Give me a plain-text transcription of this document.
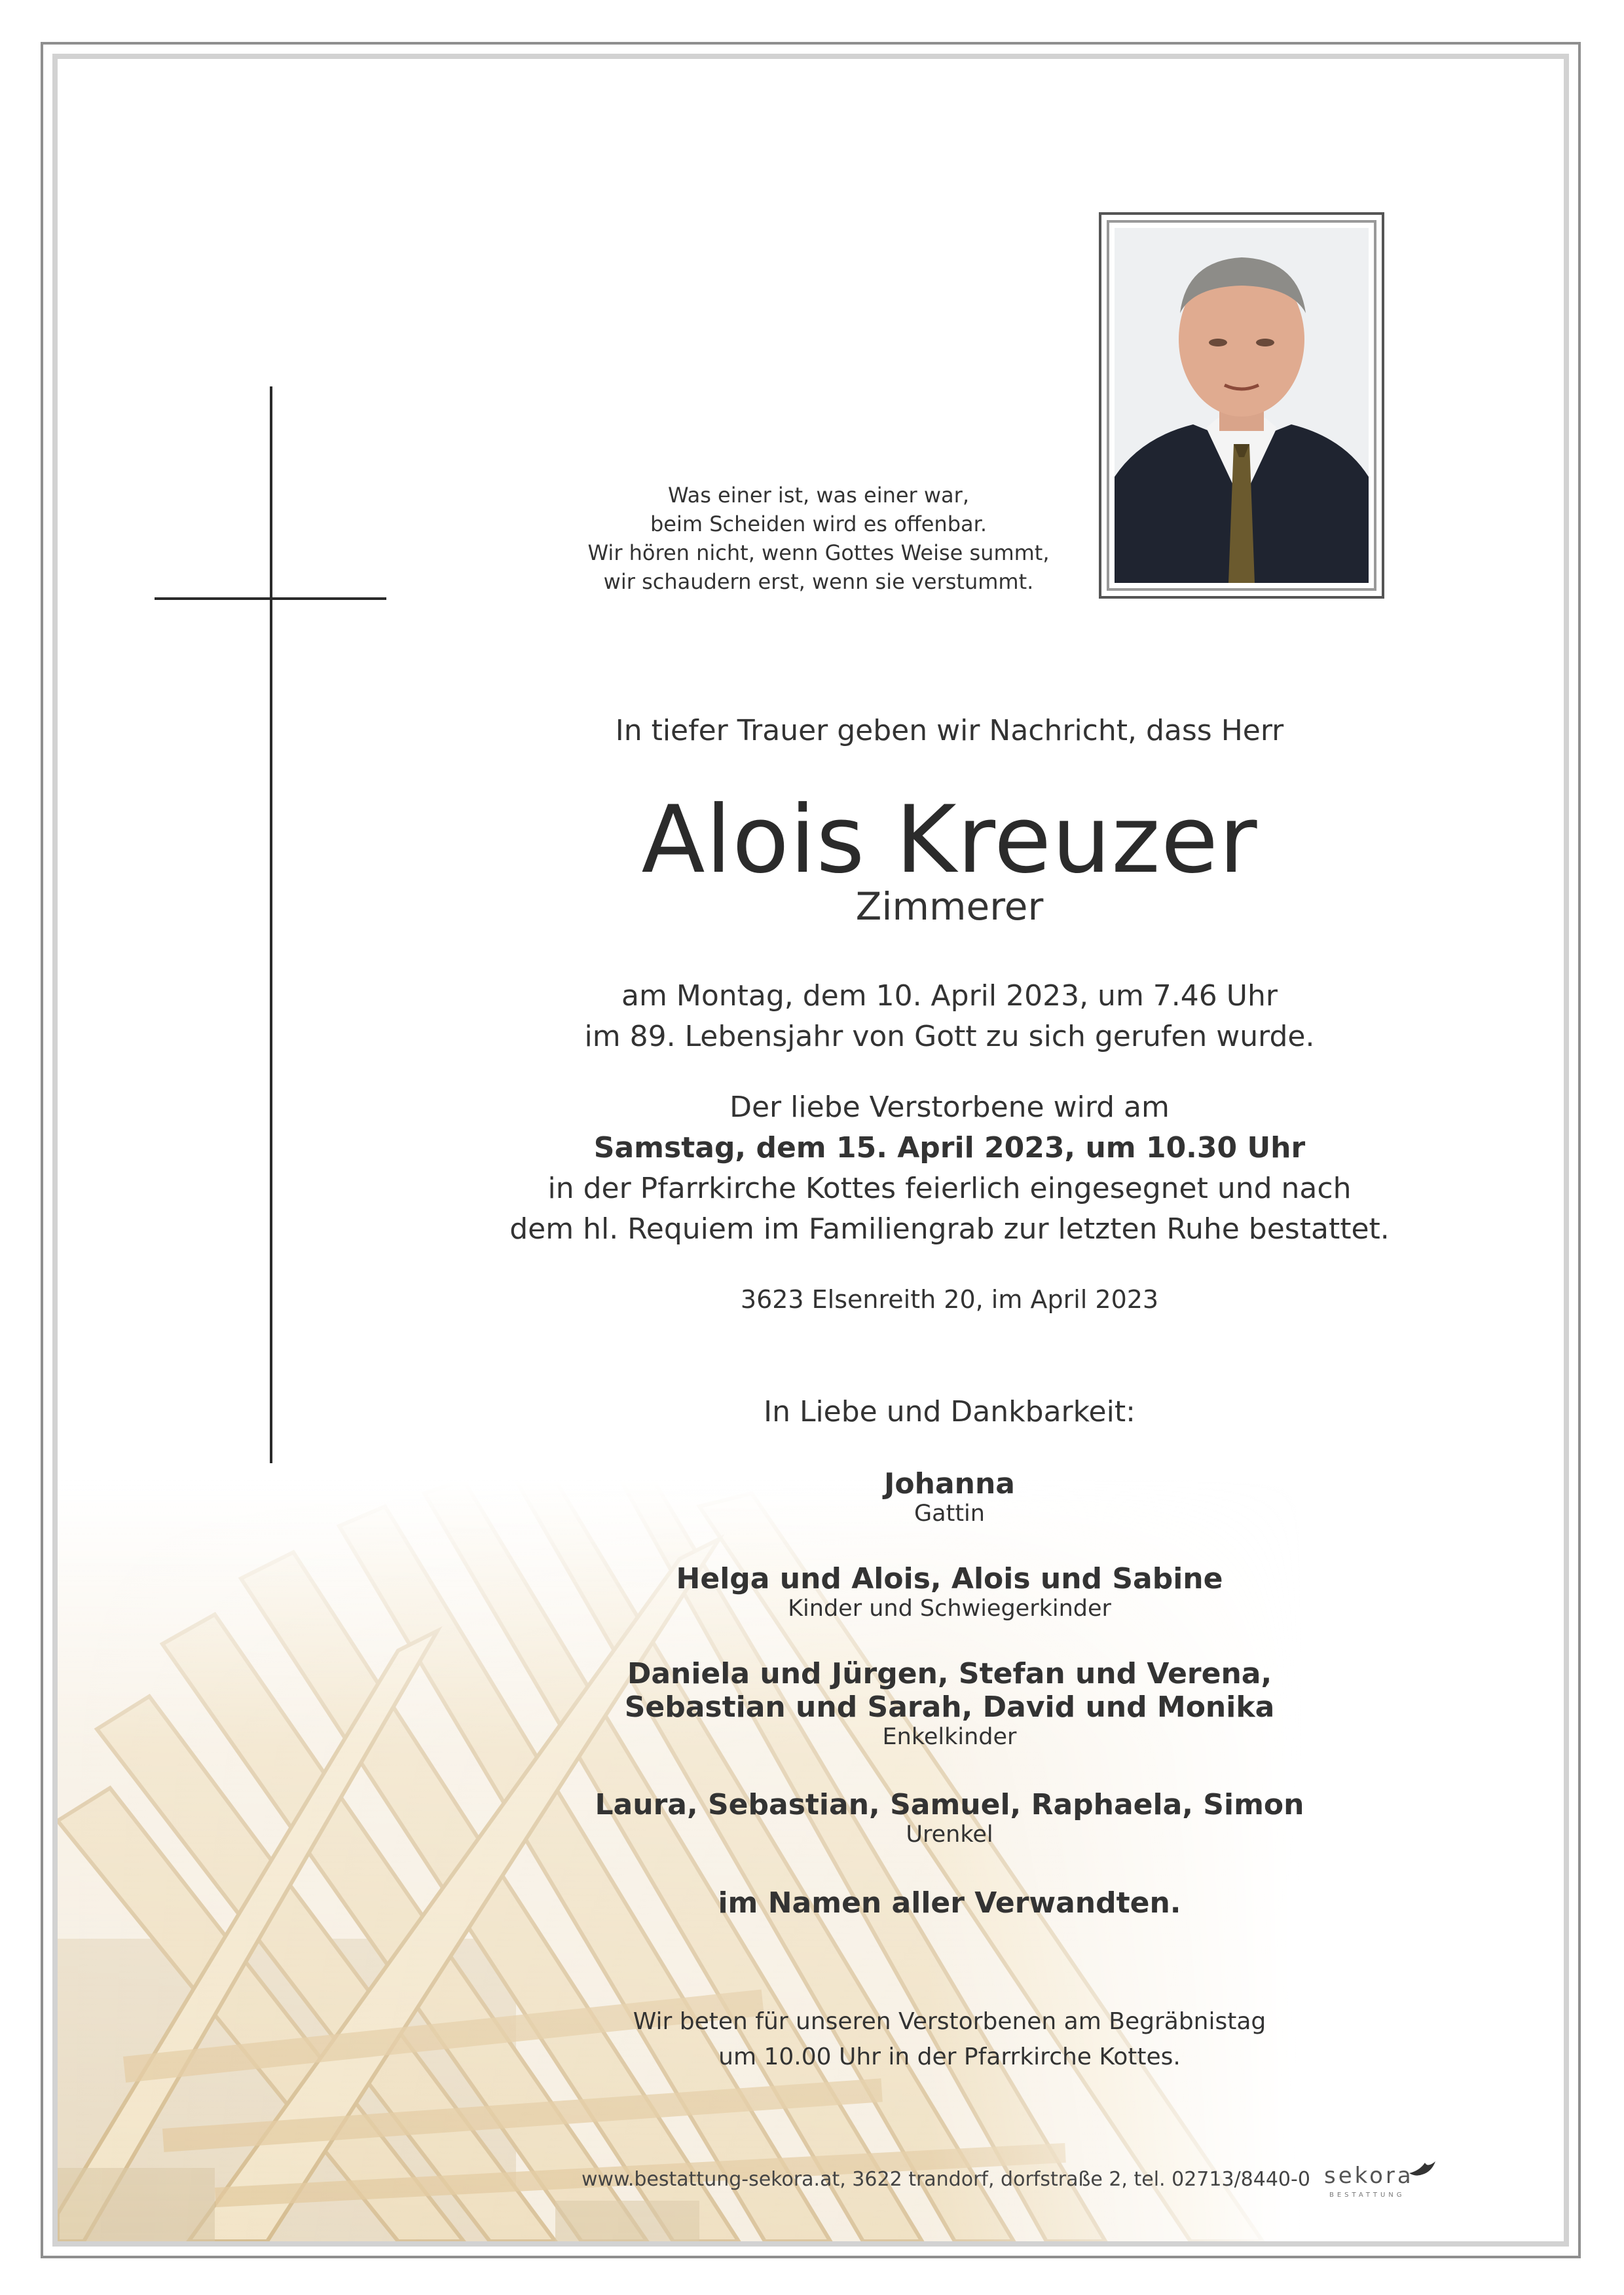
Was einer ist, was einer war,
beim Scheiden wird es offenbar.
Wir hören nicht, wenn Gottes Weise summt,
wir schaudern erst, wenn sie verstummt.
In tiefer Trauer geben wir Nachricht, dass Herr
Alois Kreuzer
Zimmerer
am Montag, dem 10. April 2023, um 7.46 Uhr
im 89. Lebensjahr von Gott zu sich gerufen wurde.
Der liebe Verstorbene wird am
Samstag, dem 15. April 2023, um 10.30 Uhr
in der Pfarrkirche Kottes feierlich eingesegnet und nach
dem hl. Requiem im Familiengrab zur letzten Ruhe bestattet.
3623 Elsenreith 20, im April 2023
In Liebe und Dankbarkeit:
Johanna
Gattin
Helga und Alois, Alois und Sabine
Kinder und Schwiegerkinder
Daniela und Jürgen, Stefan und Verena,
Sebastian und Sarah, David und Monika
Enkelkinder
Laura, Sebastian, Samuel, Raphaela, Simon
Urenkel
im Namen aller Verwandten.
Wir beten für unseren Verstorbenen am Begräbnistag
um 10.00 Uhr in der Pfarrkirche Kottes.
www.bestattung-sekora.at, 3622 trandorf, dorfstraße 2, tel. 02713/8440-0 sekora
BESTATTUNG
